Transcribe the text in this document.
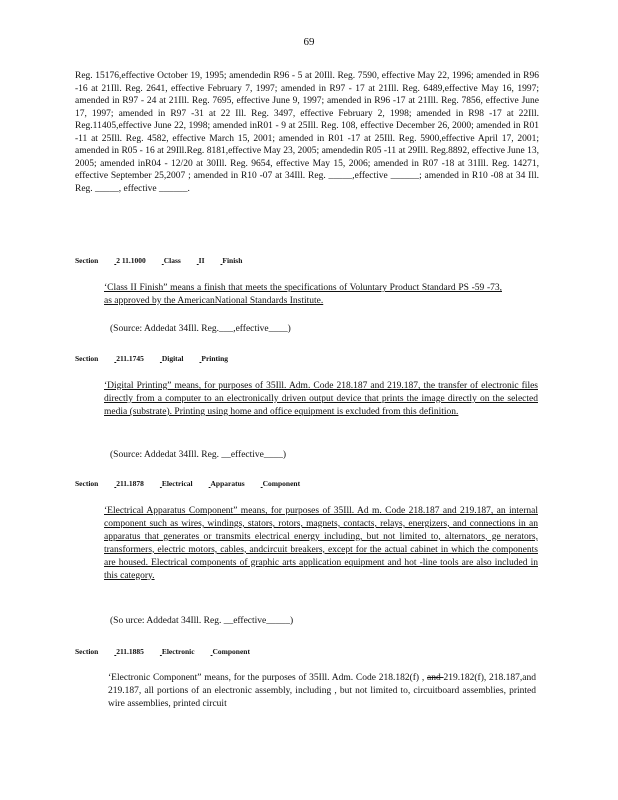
69
Reg. 15176,effective October 19, 1995; amendedin R96 - 5 at 20Ill. Reg. 7590, effective May 22, 1996; amended in R96 -16 at 21Ill. Reg. 2641, effective February 7, 1997; amended in R97 - 17 at 21Ill. Reg. 6489,effective May 16, 1997; amended in R97 - 24 at 21Ill. Reg. 7695, effective June 9, 1997; amended in R96 -17 at 21Ill. Reg. 7856, effective June 17, 1997; amended in R97 -31 at 22 Ill. Reg. 3497, effective February 2, 1998; amended in R98 -17 at 22Ill. Reg.11405,effective June 22, 1998; amended inR01 - 9 at 25Ill. Reg. 108, effective December 26, 2000; amended in R01 -11 at 25Ill. Reg. 4582, effective March 15, 2001; amended in R01 -17 at 25Ill. Reg. 5900,effective April 17, 2001; amended in R05 - 16 at 29Ill.Reg. 8181,effective May 23, 2005; amendedin R05 -11 at 29Ill. Reg.8892, effective June 13, 2005; amended inR04 - 12/20 at 30Ill. Reg. 9654, effective May 15, 2006; amended in R07 -18 at 31Ill. Reg. 14271, effective September 25,2007 ; amended in R10 -07 at 34Ill. Reg. _____,effective ______; amended in R10 -08 at 34 Ill. Reg. _____, effective ______.
Section 2 11.1000 Class II Finish
‘Class II Finish” means a finish that meets the specifications of Voluntary Product Standard PS -59 -73, as approved by the AmericanNational Standards Institute.
(Source: Addedat 34Ill. Reg.___,effective____)
Section 211.1745 Digital Printing
‘Digital Printing” means, for purposes of 35Ill. Adm. Code 218.187 and 219.187, the transfer of electronic files directly from a computer to an electronically driven output device that prints the image directly on the selected media (substrate). Printing using home and office equipment is excluded from this definition.
(Source: Addedat 34Ill. Reg. __effective____)
Section 211.1878 Electrical Apparatus Component
‘Electrical Apparatus Component” means, for purposes of 35Ill. Ad m. Code 218.187 and 219.187, an internal component such as wires, windings, stators, rotors, magnets, contacts, relays, energizers, and connections in an apparatus that generates or transmits electrical energy including, but not limited to, alternators, ge nerators, transformers, electric motors, cables, andcircuit breakers, except for the actual cabinet in which the components are housed. Electrical components of graphic arts application equipment and hot -line tools are also included in this category.
(So urce: Addedat 34Ill. Reg. __effective_____)
Section 211.1885 Electronic Component
‘Electronic Component” means, for the purposes of 35Ill. Adm. Code 218.182(f) , and 219.182(f), 218.187,and 219.187, all portions of an electronic assembly, including , but not limited to, circuitboard assemblies, printed wire assemblies, printed circuit
